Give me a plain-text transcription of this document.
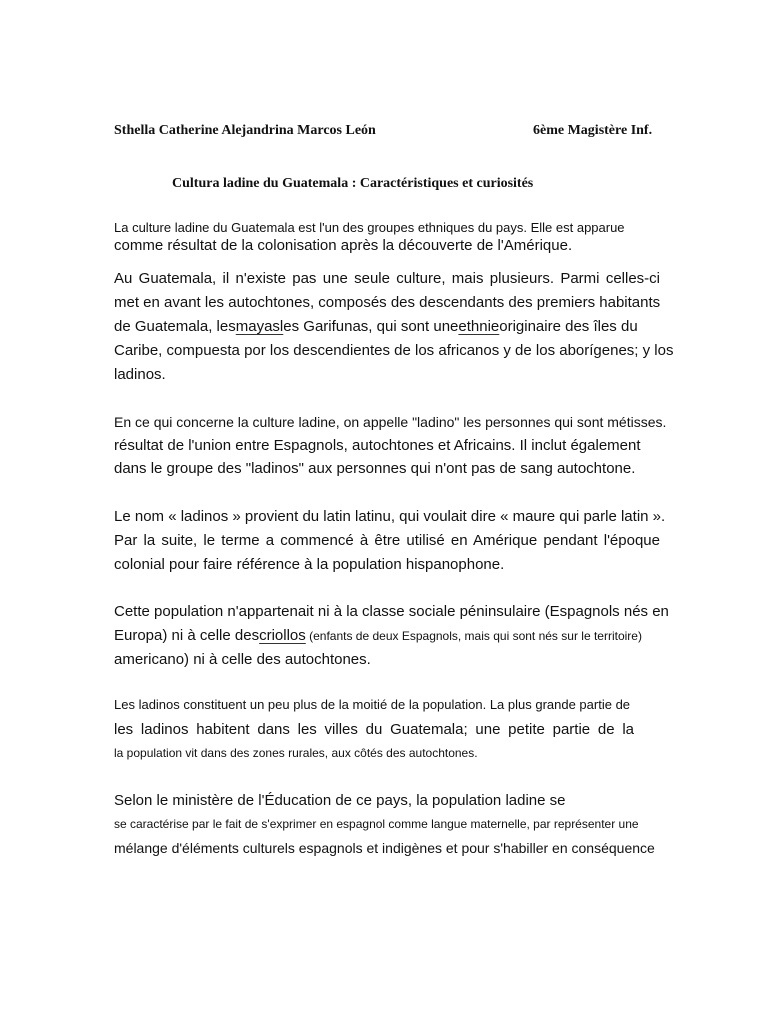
Sthella Catherine Alejandrina Marcos León	6ème Magistère Inf.

Cultura ladine du Guatemala : Caractéristiques et curiosités

La culture ladine du Guatemala est l'un des groupes ethniques du pays. Elle est apparue

comme résultat de la colonisation après la découverte de l'Amérique.

Au Guatemala, il n'existe pas une seule culture, mais plusieurs. Parmi celles-ci

met en avant les autochtones, composés des descendants des premiers habitants

de Guatemala, lesmayasles Garifunas, qui sont uneethnieoriginaire des îles du

Caribe, compuesta por los descendientes de los africanos y de los aborígenes; y los

ladinos.

En ce qui concerne la culture ladine, on appelle "ladino" les personnes qui sont métisses.

résultat de l'union entre Espagnols, autochtones et Africains. Il inclut également

dans le groupe des "ladinos" aux personnes qui n'ont pas de sang autochtone.

Le nom « ladinos » provient du latin latinu, qui voulait dire « maure qui parle latin ».

Par la suite, le terme a commencé à être utilisé en Amérique pendant l'époque

colonial pour faire référence à la population hispanophone.

Cette population n'appartenait ni à la classe sociale péninsulaire (Espagnols nés en

Europa) ni à celle descriollos (enfants de deux Espagnols, mais qui sont nés sur le territoire)

americano) ni à celle des autochtones.

Les ladinos constituent un peu plus de la moitié de la population. La plus grande partie de

les ladinos habitent dans les villes du Guatemala; une petite partie de la

la population vit dans des zones rurales, aux côtés des autochtones.

Selon le ministère de l'Éducation de ce pays, la population ladine se

se caractérise par le fait de s'exprimer en espagnol comme langue maternelle, par représenter une

mélange d'éléments culturels espagnols et indigènes et pour s'habiller en conséquence
